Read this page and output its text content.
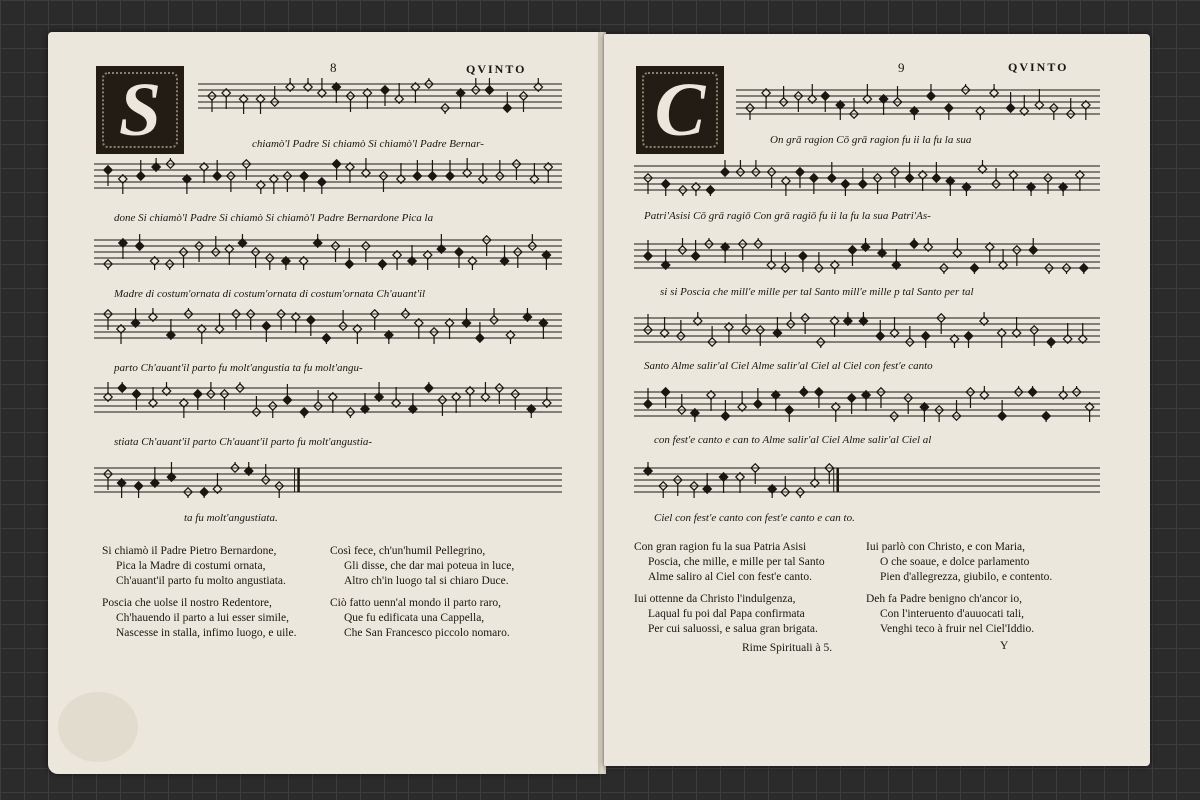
8	QVINTO
S	chiamò'l Padre Si chiamò Si chiamò'l Padre Bernar-
done Si chiamò'l Padre Si chiamò Si chiamò'l Padre Bernardone Pica la
Madre di costum'ornata di costum'ornata di costum'ornata Ch'auant'il
parto Ch'auant'il parto fu molt'angustia ta fu molt'angu-
stiata Ch'auant'il parto Ch'auant'il parto fu molt'angustia-
ta fu molt'angustiata.
Si chiamò il Padre Pietro Bernardone,
Pica la Madre di costumi ornata,
Ch'auant'il parto fu molto angustiata.
Così fece, ch'un'humil Pellegrino,
Gli disse, che dar mai poteua in luce,
Altro ch'in luogo tal si chiaro Duce.
Poscia che uolse il nostro Redentore,
Ch'hauendo il parto a lui esser simile,
Nascesse in stalla, infimo luogo, e uile.
Ciò fatto uenn'al mondo il parto raro,
Que fu edificata una Cappella,
Che San Francesco piccolo nomaro.
9	QVINTO
C	On grā ragion Cō grā ragion fu ii la fu la sua
Patri'Asisi Cō grā ragiō Con grā ragiō fu ii la fu la sua Patri'As-
si si Poscia che mill'e mille per tal Santo mill'e mille p tal Santo per tal
Santo Alme salir'al Ciel Alme salir'al Ciel al Ciel con fest'e canto
con fest'e canto e can to Alme salir'al Ciel Alme salir'al Ciel al
Ciel con fest'e canto con fest'e canto e can to.
Con gran ragion fu la sua Patria Asisi
Poscia, che mille, e mille per tal Santo
Alme saliro al Ciel con fest'e canto.
Iui parlò con Christo, e con Maria,
O che soaue, e dolce parlamento
Pien d'allegrezza, giubilo, e contento.
Iui ottenne da Christo l'indulgenza,
Laqual fu poi dal Papa confirmata
Per cui saluossi, e salua gran brigata.
Deh fa Padre benigno ch'ancor io,
Con l'interuento d'auuocati tali,
Venghi teco à fruir nel Ciel'Iddio.
Rime Spirituali à 5.	Y
